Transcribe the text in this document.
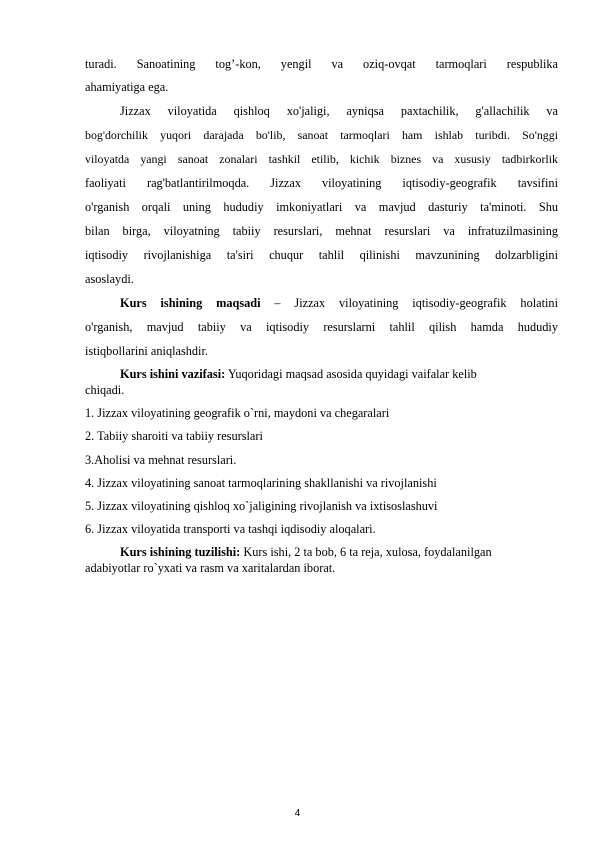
turadi. Sanoatining tog’-kon, yengil va oziq-ovqat tarmoqlari respublika
ahamiyatiga ega.
Jizzax viloyatida qishloq xo'jaligi, ayniqsa paxtachilik, g'allachilik va
bog'dorchilik yuqori darajada bo'lib, sanoat tarmoqlari ham ishlab turibdi. So'nggi
viloyatda yangi sanoat zonalari tashkil etilib, kichik biznes va xususiy tadbirkorlik
faoliyati rag'batlantirilmoqda. Jizzax viloyatining iqtisodiy-geografik tavsifini
o'rganish orqali uning hududiy imkoniyatlari va mavjud dasturiy ta'minoti. Shu
bilan birga, viloyatning tabiiy resurslari, mehnat resurslari va infratuzilmasining
iqtisodiy rivojlanishiga ta'siri chuqur tahlil qilinishi mavzunining dolzarbligini
asoslaydi.
Kurs ishining maqsadi – Jizzax viloyatining iqtisodiy-geografik holatini
o'rganish, mavjud tabiiy va iqtisodiy resurslarni tahlil qilish hamda hududiy
istiqbollarini aniqlashdir.
Kurs ishini vazifasi: Yuqoridagi maqsad asosida quyidagi vaifalar kelib
chiqadi.
1. Jizzax viloyatining geografik o`rni, maydoni va chegaralari
2. Tabiiy sharoiti va tabiiy resurslari
3.Aholisi va mehnat resurslari.
4. Jizzax viloyatining sanoat tarmoqlarining shakllanishi va rivojlanishi
5. Jizzax viloyatining qishloq xo`jaligining rivojlanish va ixtisoslashuvi
6. Jizzax viloyatida transporti va tashqi iqdisodiy aloqalari.
Kurs ishining tuzilishi: Kurs ishi, 2 ta bob, 6 ta reja, xulosa, foydalanilgan
adabiyotlar ro`yxati va rasm va xaritalardan iborat.
4
